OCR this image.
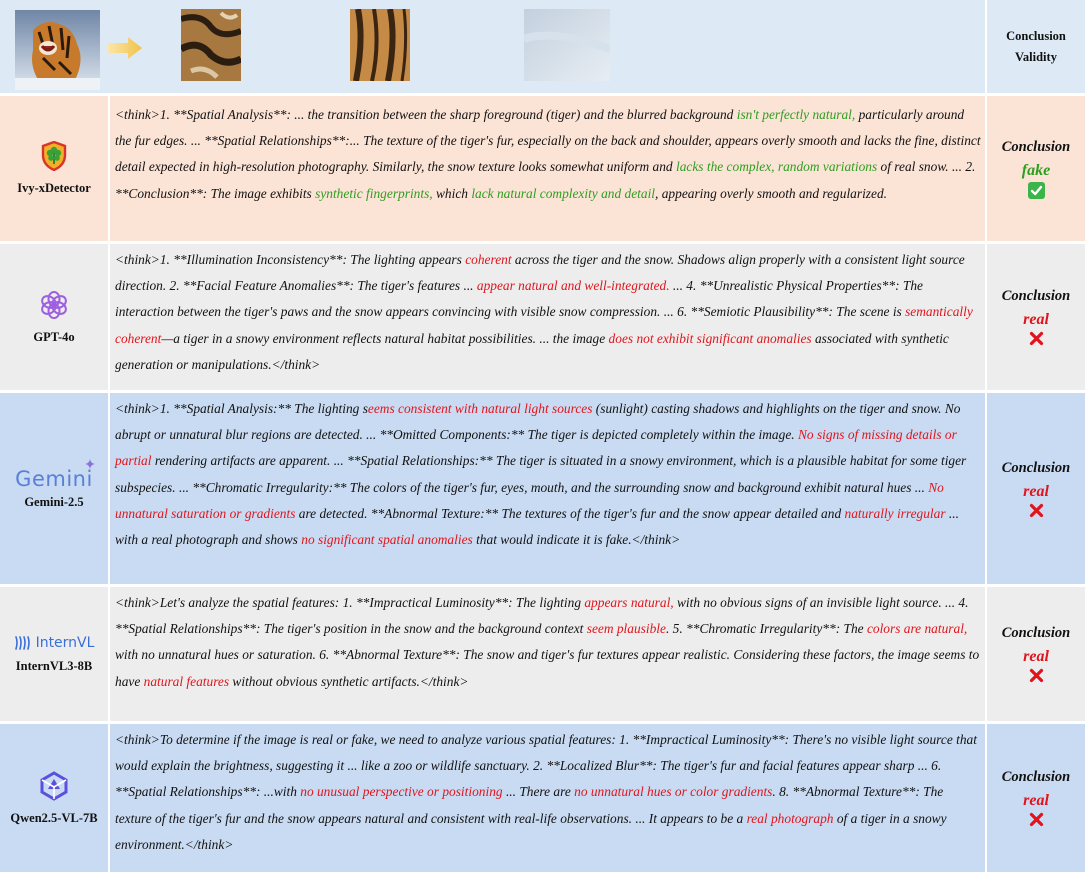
Conclusion
Validity
Ivy-xDetector
<think>1. **Spatial Analysis**: ... the transition between the sharp foreground (tiger) and the blurred background isn't perfectly natural, particularly around the fur edges. ... **Spatial Relationships**:... The texture of the tiger's fur, especially on the back and shoulder, appears overly smooth and lacks the fine, distinct detail expected in high-resolution photography. Similarly, the snow texture looks somewhat uniform and lacks the complex, random variations of real snow. ... 2. **Conclusion**: The image exhibits synthetic fingerprints, which lack natural complexity and detail, appearing overly smooth and regularized.
Conclusion
fake
GPT-4o
<think>1. **Illumination Inconsistency**: The lighting appears coherent across the tiger and the snow. Shadows align properly with a consistent light source direction. 2. **Facial Feature Anomalies**: The tiger's features ... appear natural and well-integrated. ... 4. **Unrealistic Physical Properties**: The interaction between the tiger's paws and the snow appears convincing with visible snow compression. ... 6. **Semiotic Plausibility**: The scene is semantically coherent—a tiger in a snowy environment reflects natural habitat possibilities. ... the image does not exhibit significant anomalies associated with synthetic generation or manipulations.</think>
Conclusion
real
Gemini
Gemini-2.5
<think>1. **Spatial Analysis:** The lighting seems consistent with natural light sources (sunlight) casting shadows and highlights on the tiger and snow. No abrupt or unnatural blur regions are detected. ... **Omitted Components:** The tiger is depicted completely within the image. No signs of missing details or partial rendering artifacts are apparent. ... **Spatial Relationships:** The tiger is situated in a snowy environment, which is a plausible habitat for some tiger subspecies. ... **Chromatic Irregularity:** The colors of the tiger's fur, eyes, mouth, and the surrounding snow and background exhibit natural hues ... No unnatural saturation or gradients are detected. **Abnormal Texture:** The textures of the tiger's fur and the snow appear detailed and naturally irregular ... with a real photograph and shows no significant spatial anomalies that would indicate it is fake.</think>
Conclusion
real
InternVL
InternVL3-8B
<think>Let's analyze the spatial features: 1. **Impractical Luminosity**: The lighting appears natural, with no obvious signs of an invisible light source. ... 4. **Spatial Relationships**: The tiger's position in the snow and the background context seem plausible. 5. **Chromatic Irregularity**: The colors are natural, with no unnatural hues or saturation. 6. **Abnormal Texture**: The snow and tiger's fur textures appear realistic. Considering these factors, the image seems to have natural features without obvious synthetic artifacts.</think>
Conclusion
real
Qwen2.5-VL-7B
<think>To determine if the image is real or fake, we need to analyze various spatial features: 1. **Impractical Luminosity**: There's no visible light source that would explain the brightness, suggesting it ... like a zoo or wildlife sanctuary. 2. **Localized Blur**: The tiger's fur and facial features appear sharp ... 6. **Spatial Relationships**: ...with no unusual perspective or positioning ... There are no unnatural hues or color gradients. 8. **Abnormal Texture**: The texture of the tiger's fur and the snow appears natural and consistent with real-life observations. ... It appears to be a real photograph of a tiger in a snowy environment.</think>
Conclusion
real
